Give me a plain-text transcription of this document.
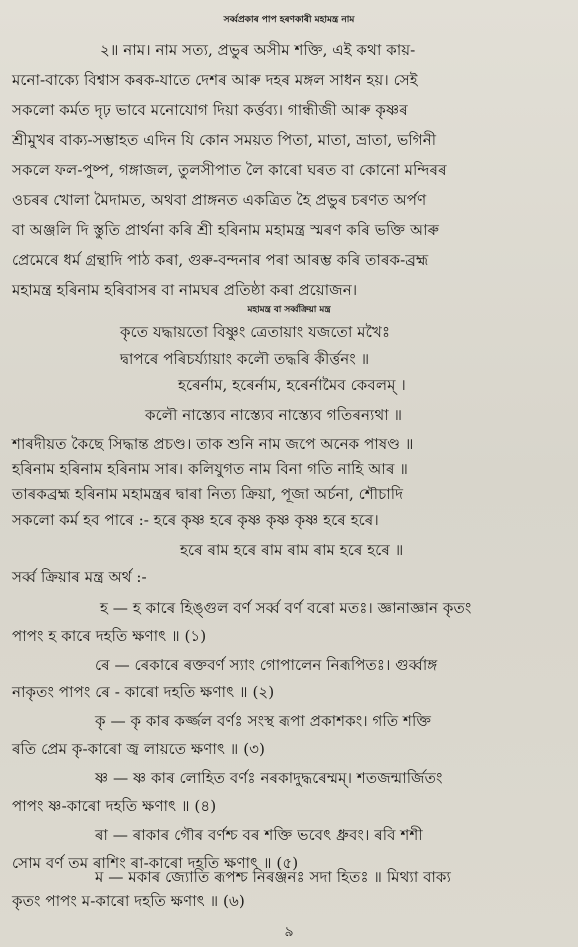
সৰ্ব্বপ্ৰকাৰ পাপ হৰণকাৰী মহামন্ত্ৰ নাম
২॥ নাম। নাম সত্য, প্ৰভুৰ অসীম শক্তি, এই কথা কায়-
মনো-বাক্যে বিশ্বাস কৰক-যাতে দেশৰ আৰু দহৰ মঙ্গল সাধন হয়। সেই
সকলো কৰ্মত দৃঢ় ভাবে মনোযোগ দিয়া কৰ্ত্তব্য। গান্ধীজী আৰু কৃষ্ণৰ
শ্ৰীমুখৰ বাক্য-সম্ভাহত এদিন যি কোন সময়ত পিতা, মাতা, ভ্ৰাতা, ভগিনী
সকলে ফল-পুষ্প, গঙ্গাজল, তুলসীপাত লৈ কাৰো ঘৰত বা কোনো মন্দিৰৰ
ওচৰৰ খোলা মৈদামত, অথবা প্ৰাঙ্গনত একত্ৰিত হৈ প্ৰভুৰ চৰণত অৰ্পণ
বা অঞ্জলি দি স্তুতি প্ৰাৰ্থনা কৰি শ্ৰী হৰিনাম মহামন্ত্ৰ স্মৰণ কৰি ভক্তি আৰু
প্ৰেমেৰে ধৰ্ম গ্ৰন্থাদি পাঠ কৰা, গুৰু-বন্দনাৰ পৰা আৰম্ভ কৰি তাৰক-ব্ৰহ্ম
মহামন্ত্ৰ হৰিনাম হৰিবাসৰ বা নামঘৰ প্ৰতিষ্ঠা কৰা প্ৰয়োজন।
মহামন্ত্ৰ বা সৰ্ব্বক্ৰিয়া মন্ত্ৰ
কৃতে যদ্ধায়তো বিষ্ণুং ত্ৰেতায়াং যজতো মখৈঃ
দ্বাপৰে পৰিচৰ্য্যায়াং কলৌ তদ্ধৰি কীৰ্ত্তনং ॥
হৰেৰ্নাম, হৰেৰ্নাম, হৰেৰ্নামৈব কেবলম্ ।
কলৌ নাস্ত্যেব নাস্ত্যেব নাস্ত্যেব গতিৰন্যথা ॥
শাৰদীয়ত কৈছে সিদ্ধান্ত প্ৰচণ্ড। তাক শুনি নাম জপে অনেক পাষণ্ড ॥
হৰিনাম হৰিনাম হৰিনাম সাৰ। কলিযুগত নাম বিনা গতি নাহি আৰ ॥
তাৰকব্ৰহ্ম হৰিনাম মহামন্ত্ৰৰ দ্বাৰা নিত্য ক্ৰিয়া, পূজা অৰ্চনা, শৌচাদি
সকলো কৰ্ম হব পাৰে :- হৰে কৃষ্ণ হৰে কৃষ্ণ কৃষ্ণ কৃষ্ণ হৰে হৰে।
হৰে ৰাম হৰে ৰাম ৰাম ৰাম হৰে হৰে ॥
সৰ্ব্ব ক্ৰিয়াৰ মন্ত্ৰ অৰ্থ :-
হ — হ কাৰে হিঙ্গুল বৰ্ণ সৰ্ব্ব বৰ্ণ বৰো মতঃ। জ্ঞানাজ্ঞান কৃতং
পাপং হ কাৰে দহতি ক্ষণাৎ ॥ (১)
ৰে — ৰেকাৰে ৰক্তবৰ্ণ স্যাং গোপালেন নিৰূপিতঃ। গুৰ্ব্বাঙ্গ
নাকৃতং পাপং ৰে - কাৰো দহতি ক্ষণাৎ ॥ (২)
কৃ — কৃ কাৰ কৰ্জ্জল বৰ্ণঃ সংস্থ ৰূপা প্ৰকাশকং। গতি শক্তি
ৰতি প্ৰেম কৃ-কাৰো জ্ব লায়তে ক্ষণাৎ ॥ (৩)
ষ্ণ — ষ্ণ কাৰ লোহিত বৰ্ণঃ নৰকাদুদ্ধৰেম্মম্। শতজন্মাৰ্জিতং
পাপং ষ্ণ-কাৰো দহতি ক্ষণাৎ ॥ (৪)
ৰা — ৰাকাৰ গৌৰ বৰ্ণশ্চ বৰ শক্তি ভবেৎ ধ্ৰুবং। ৰবি শশী
সোম বৰ্ণ তম ৰাশিং ৰা-কাৰো দহতি ক্ষণাৎ ॥ (৫)
ম — মকাৰ জ্যোতি ৰূপশ্চ নিৰঞ্জনঃ সদা হিতঃ ॥ মিথ্যা বাক্য
কৃতং পাপং ম-কাৰো দহতি ক্ষণাৎ ॥ (৬)
৯
